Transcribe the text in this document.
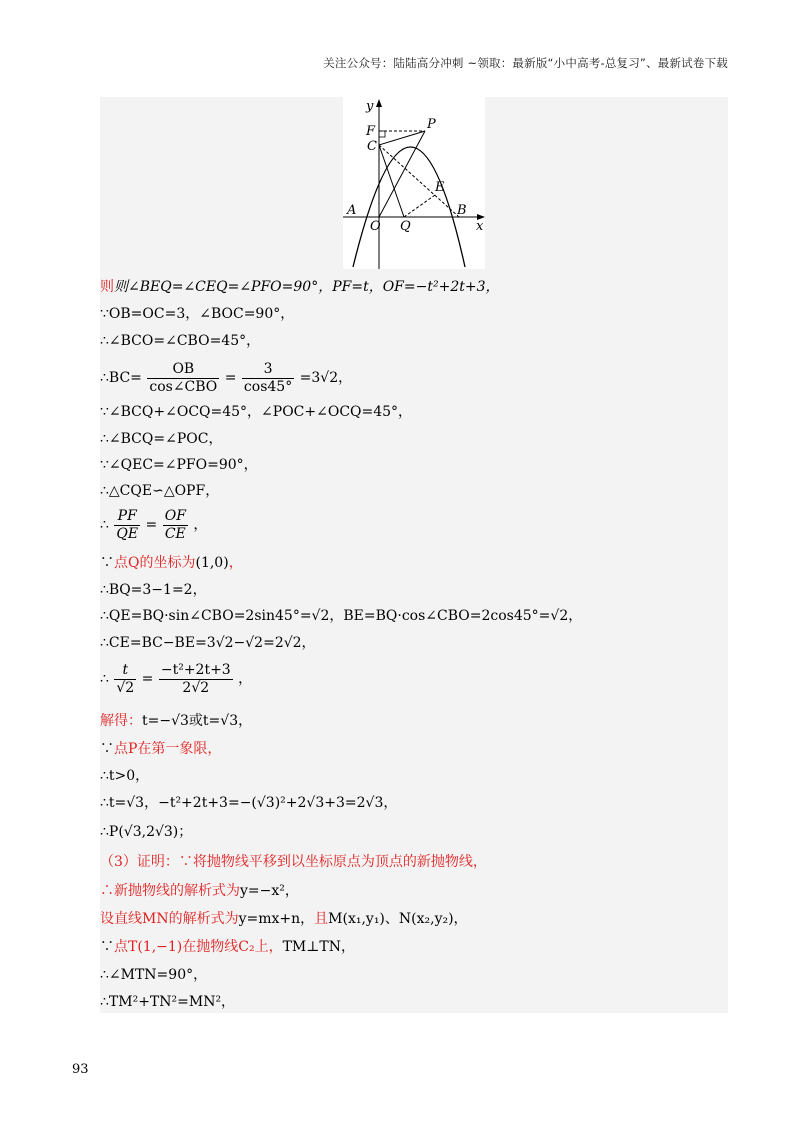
关注公众号：陆陆高分冲刺 ~领取：最新版“小中高考-总复习”、最新试卷下载
y
x
F	P
C
E
A	B
O Q
则则∠BEQ=∠CEQ=∠PFO=90°，PF=t，OF=−t²+2t+3，
∵OB=OC=3，∠BOC=90°，
∴∠BCO=∠CBO=45°，
∴BC= $\frac{OB}{\text{cos∠CBO}} = \frac{3}{\cos 45^\circ} =3√2$，
∵∠BCQ+∠OCQ=45°，∠POC+∠OCQ=45°，
∴∠BCQ=∠POC，
∵∠QEC=∠PFO=90°，
∴△CQE∽△OPF，
∴ $\frac{PF}{QE} = \frac{OF}{CE}$ ，
∵点Q的坐标为(1,0)，
∴BQ=3−1=2，
∴QE=BQ·sin∠CBO=2sin45°=√2，BE=BQ·cos∠CBO=2cos45°=√2，
∴CE=BC−BE=3√2−√2=2√2，
∴ $\frac{t}{√2} = \frac{\text{−t²+2t+3}}{2√2}$ ，
解得：t=−√3或t=√3，
∵点P在第一象限，
∴t>0，
∴t=√3，−t²+2t+3=−(√3)²+2√3+3=2√3，
∴P(√3,2√3)；
（3）证明：∵将抛物线平移到以坐标原点为顶点的新抛物线，
∴新抛物线的解析式为y=−x²，
设直线MN的解析式为y=mx+n，且M(x₁,y₁)、N(x₂,y₂)，
∵点T(1,−1)在抛物线C₂上，TM⊥TN，
∴∠MTN=90°，
∴TM²+TN²=MN²，
93
